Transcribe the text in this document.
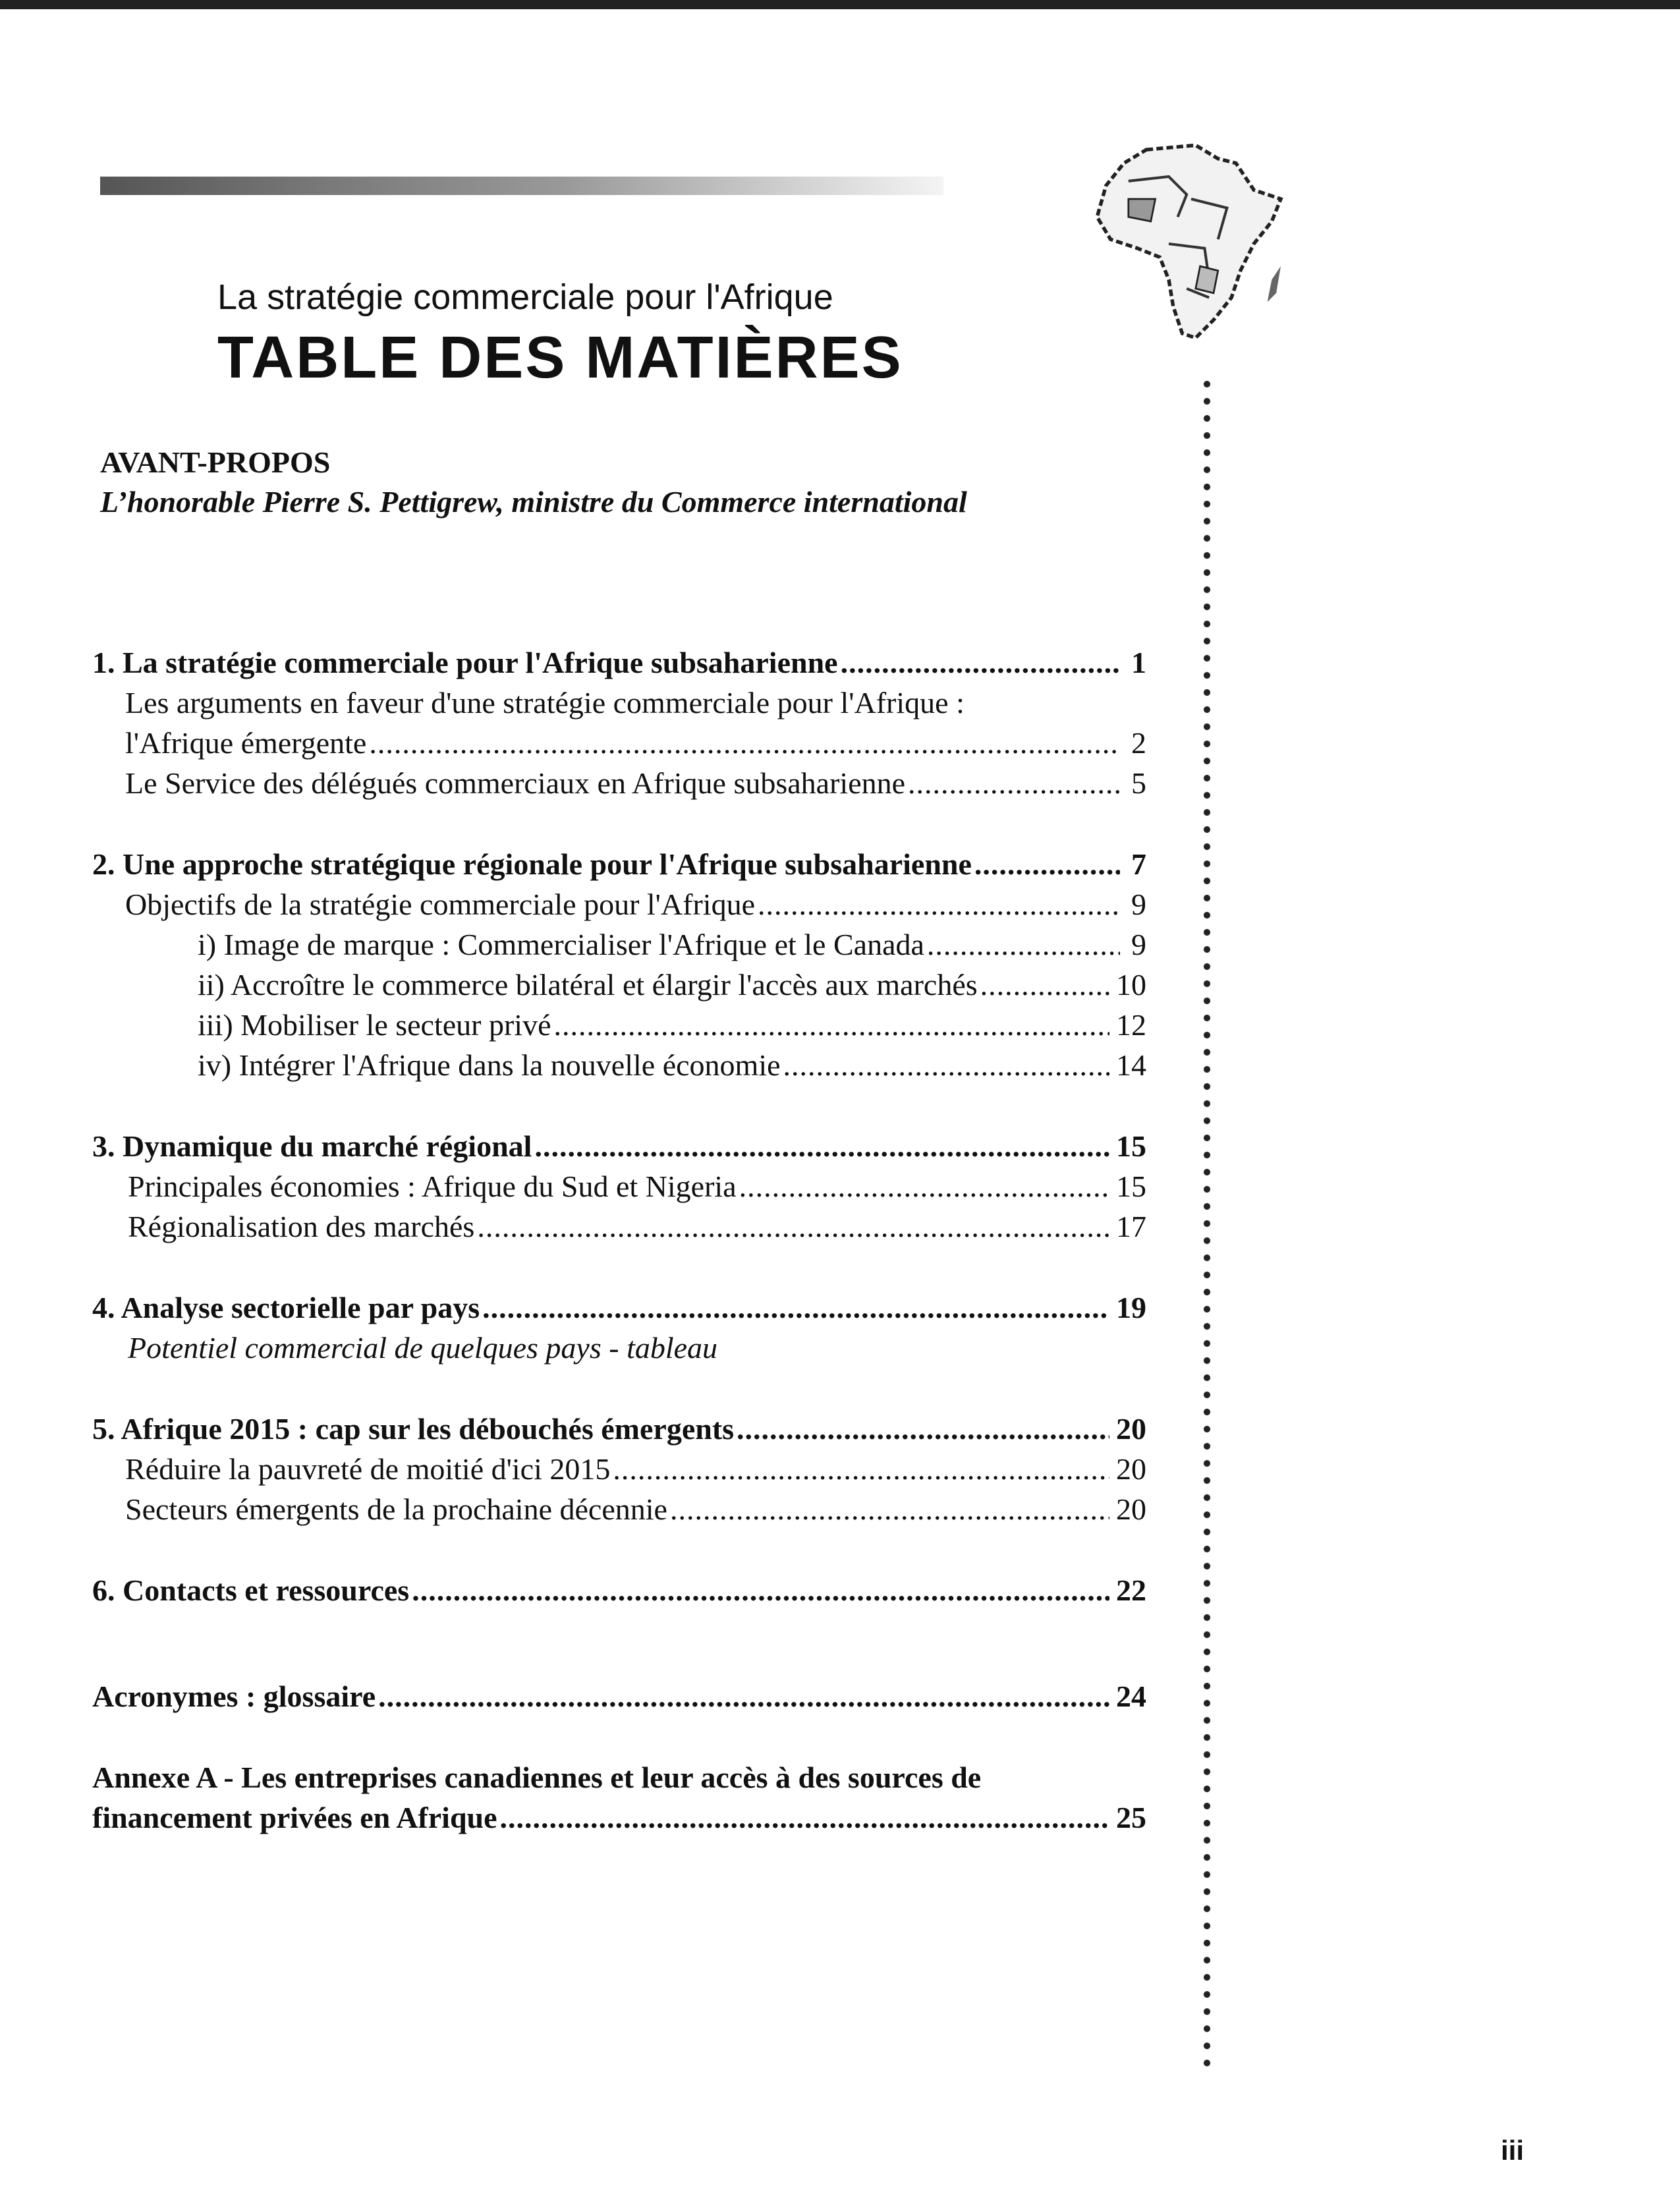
La stratégie commerciale pour l'Afrique
TABLE DES MATIÈRES
AVANT-PROPOS
L’honorable Pierre S. Pettigrew, ministre du Commerce international
1. La stratégie commerciale pour l'Afrique subsaharienne .....	1
Les arguments en faveur d'une stratégie commerciale pour l'Afrique :
l'Afrique émergente .....	2
Le Service des délégués commerciaux en Afrique subsaharienne .....	5
2. Une approche stratégique régionale pour l'Afrique subsaharienne .....	7
Objectifs de la stratégie commerciale pour l'Afrique .....	9
i) Image de marque : Commercialiser l'Afrique et le Canada .....	9
ii) Accroître le commerce bilatéral et élargir l'accès aux marchés .....	10
iii) Mobiliser le secteur privé .....	12
iv) Intégrer l'Afrique dans la nouvelle économie .....	14
3. Dynamique du marché régional .....	15
Principales économies : Afrique du Sud et Nigeria .....	15
Régionalisation des marchés .....	17
4. Analyse sectorielle par pays .....	19
Potentiel commercial de quelques pays - tableau
5. Afrique 2015 : cap sur les débouchés émergents .....	20
Réduire la pauvreté de moitié d'ici 2015 .....	20
Secteurs émergents de la prochaine décennie .....	20
6. Contacts et ressources .....	22
Acronymes : glossaire .....	24
Annexe A - Les entreprises canadiennes et leur accès à des sources de
financement privées en Afrique .....	25
iii
